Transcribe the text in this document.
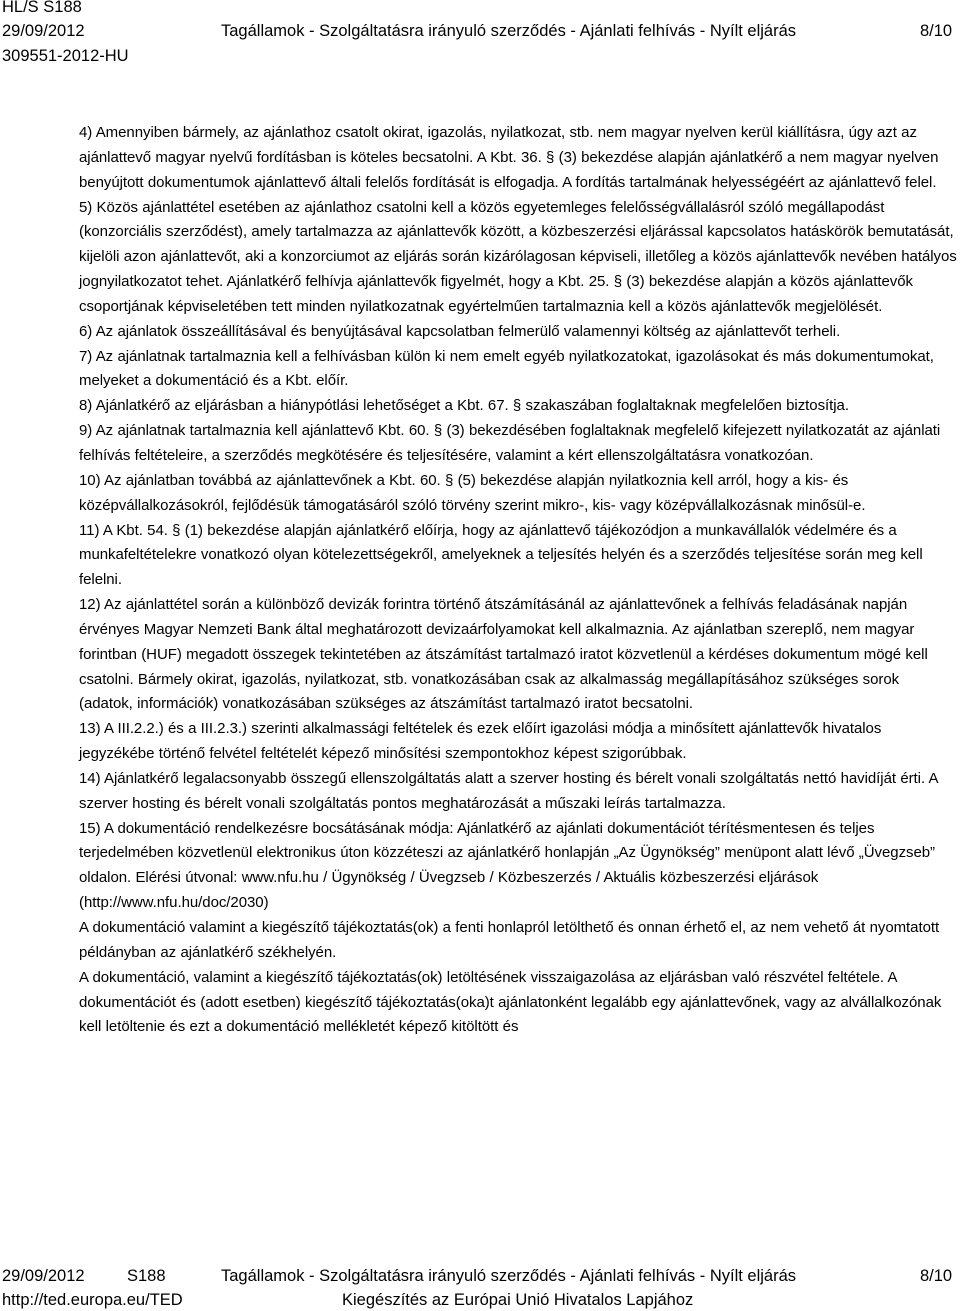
HL/S S188
29/09/2012	Tagállamok - Szolgáltatásra irányuló szerződés - Ajánlati felhívás - Nyílt eljárás	8/10
309551-2012-HU

4) Amennyiben bármely, az ajánlathoz csatolt okirat, igazolás, nyilatkozat, stb. nem magyar nyelven kerül kiállításra, úgy azt az ajánlattevő magyar nyelvű fordításban is köteles becsatolni. A Kbt. 36. § (3) bekezdése alapján ajánlatkérő a nem magyar nyelven benyújtott dokumentumok ajánlattevő általi felelős fordítását is elfogadja. A fordítás tartalmának helyességéért az ajánlattevő felel.

5) Közös ajánlattétel esetében az ajánlathoz csatolni kell a közös egyetemleges felelősségvállalásról szóló megállapodást (konzorciális szerződést), amely tartalmazza az ajánlattevők között, a közbeszerzési eljárással kapcsolatos hatáskörök bemutatását, kijelöli azon ajánlattevőt, aki a konzorciumot az eljárás során kizárólagosan képviseli, illetőleg a közös ajánlattevők nevében hatályos jognyilatkozatot tehet. Ajánlatkérő felhívja ajánlattevők figyelmét, hogy a Kbt. 25. § (3) bekezdése alapján a közös ajánlattevők csoportjának képviseletében tett minden nyilatkozatnak egyértelműen tartalmaznia kell a közös ajánlattevők megjelölését.

6) Az ajánlatok összeállításával és benyújtásával kapcsolatban felmerülő valamennyi költség az ajánlattevőt terheli.

7) Az ajánlatnak tartalmaznia kell a felhívásban külön ki nem emelt egyéb nyilatkozatokat, igazolásokat és más dokumentumokat, melyeket a dokumentáció és a Kbt. előír.

8) Ajánlatkérő az eljárásban a hiánypótlási lehetőséget a Kbt. 67. § szakaszában foglaltaknak megfelelően biztosítja.

9) Az ajánlatnak tartalmaznia kell ajánlattevő Kbt. 60. § (3) bekezdésében foglaltaknak megfelelő kifejezett nyilatkozatát az ajánlati felhívás feltételeire, a szerződés megkötésére és teljesítésére, valamint a kért ellenszolgáltatásra vonatkozóan.

10) Az ajánlatban továbbá az ajánlattevőnek a Kbt. 60. § (5) bekezdése alapján nyilatkoznia kell arról, hogy a kis- és középvállalkozásokról, fejlődésük támogatásáról szóló törvény szerint mikro-, kis- vagy középvállalkozásnak minősül-e.

11) A Kbt. 54. § (1) bekezdése alapján ajánlatkérő előírja, hogy az ajánlattevő tájékozódjon a munkavállalók védelmére és a munkafeltételekre vonatkozó olyan kötelezettségekről, amelyeknek a teljesítés helyén és a szerződés teljesítése során meg kell felelni.

12) Az ajánlattétel során a különböző devizák forintra történő átszámításánál az ajánlattevőnek a felhívás feladásának napján érvényes Magyar Nemzeti Bank által meghatározott devizaárfolyamokat kell alkalmaznia. Az ajánlatban szereplő, nem magyar forintban (HUF) megadott összegek tekintetében az átszámítást tartalmazó iratot közvetlenül a kérdéses dokumentum mögé kell csatolni. Bármely okirat, igazolás, nyilatkozat, stb. vonatkozásában csak az alkalmasság megállapításához szükséges sorok (adatok, információk) vonatkozásában szükséges az átszámítást tartalmazó iratot becsatolni.

13) A III.2.2.) és a III.2.3.) szerinti alkalmassági feltételek és ezek előírt igazolási módja a minősített ajánlattevők hivatalos jegyzékébe történő felvétel feltételét képező minősítési szempontokhoz képest szigorúbbak.

14) Ajánlatkérő legalacsonyabb összegű ellenszolgáltatás alatt a szerver hosting és bérelt vonali szolgáltatás nettó havidíját érti. A szerver hosting és bérelt vonali szolgáltatás pontos meghatározását a műszaki leírás tartalmazza.

15) A dokumentáció rendelkezésre bocsátásának módja: Ajánlatkérő az ajánlati dokumentációt térítésmentesen és teljes terjedelmében közvetlenül elektronikus úton közzéteszi az ajánlatkérő honlapján „Az Ügynökség” menüpont alatt lévő „Üvegzseb” oldalon. Elérési útvonal: www.nfu.hu / Ügynökség / Üvegzseb / Közbeszerzés / Aktuális közbeszerzési eljárások (http://www.nfu.hu/doc/2030)

A dokumentáció valamint a kiegészítő tájékoztatás(ok) a fenti honlapról letölthető és onnan érhető el, az nem vehető át nyomtatott példányban az ajánlatkérő székhelyén.

A dokumentáció, valamint a kiegészítő tájékoztatás(ok) letöltésének visszaigazolása az eljárásban való részvétel feltétele. A dokumentációt és (adott esetben) kiegészítő tájékoztatás(oka)t ajánlatonként legalább egy ajánlattevőnek, vagy az alvállalkozónak kell letöltenie és ezt a dokumentáció mellékletét képező kitöltött és

29/09/2012	S188	Tagállamok - Szolgáltatásra irányuló szerződés - Ajánlati felhívás - Nyílt eljárás	8/10
http://ted.europa.eu/TED	Kiegészítés az Európai Unió Hivatalos Lapjához
